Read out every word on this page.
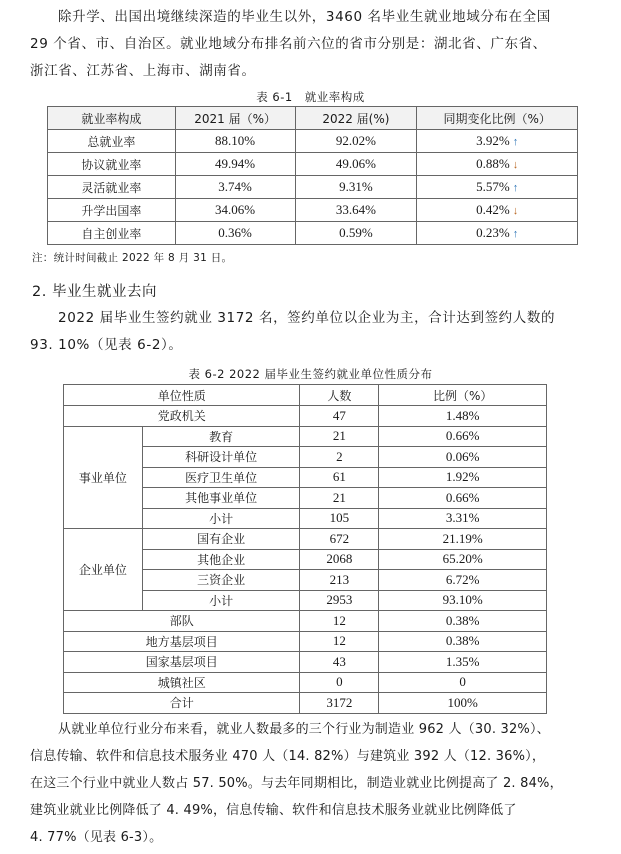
除升学、出国出境继续深造的毕业生以外，3460 名毕业生就业地域分布在全国
29 个省、市、自治区。就业地域分布排名前六位的省市分别是：湖北省、广东省、
浙江省、江苏省、上海市、湖南省。
表 6-1　就业率构成
就业率构成	2021 届（%）	2022 届(%)	同期变化比例（%）
总就业率	88.10%	92.02%	3.92% ↑
协议就业率	49.94%	49.06%	0.88% ↓
灵活就业率	3.74%	9.31%	5.57% ↑
升学出国率	34.06%	33.64%	0.42% ↓
自主创业率	0.36%	0.59%	0.23% ↑
注：统计时间截止 2022 年 8 月 31 日。
2. 毕业生就业去向
2022 届毕业生签约就业 3172 名，签约单位以企业为主，合计达到签约人数的
93. 10%（见表 6-2）。
表 6-2 2022 届毕业生签约就业单位性质分布
单位性质		人数	比例（%）
党政机关		47	1.48%
事业单位	教育	21	0.66%
	科研设计单位	2	0.06%
	医疗卫生单位	61	1.92%
	其他事业单位	21	0.66%
	小计	105	3.31%
企业单位	国有企业	672	21.19%
	其他企业	2068	65.20%
	三资企业	213	6.72%
	小计	2953	93.10%
部队		12	0.38%
地方基层项目		12	0.38%
国家基层项目		43	1.35%
城镇社区		0	0
合计		3172	100%
从就业单位行业分布来看，就业人数最多的三个行业为制造业 962 人（30. 32%）、
信息传输、软件和信息技术服务业 470 人（14. 82%）与建筑业 392 人（12. 36%），
在这三个行业中就业人数占 57. 50%。与去年同期相比，制造业就业比例提高了 2. 84%，
建筑业就业比例降低了 4. 49%，信息传输、软件和信息技术服务业就业比例降低了
4. 77%（见表 6-3）。
